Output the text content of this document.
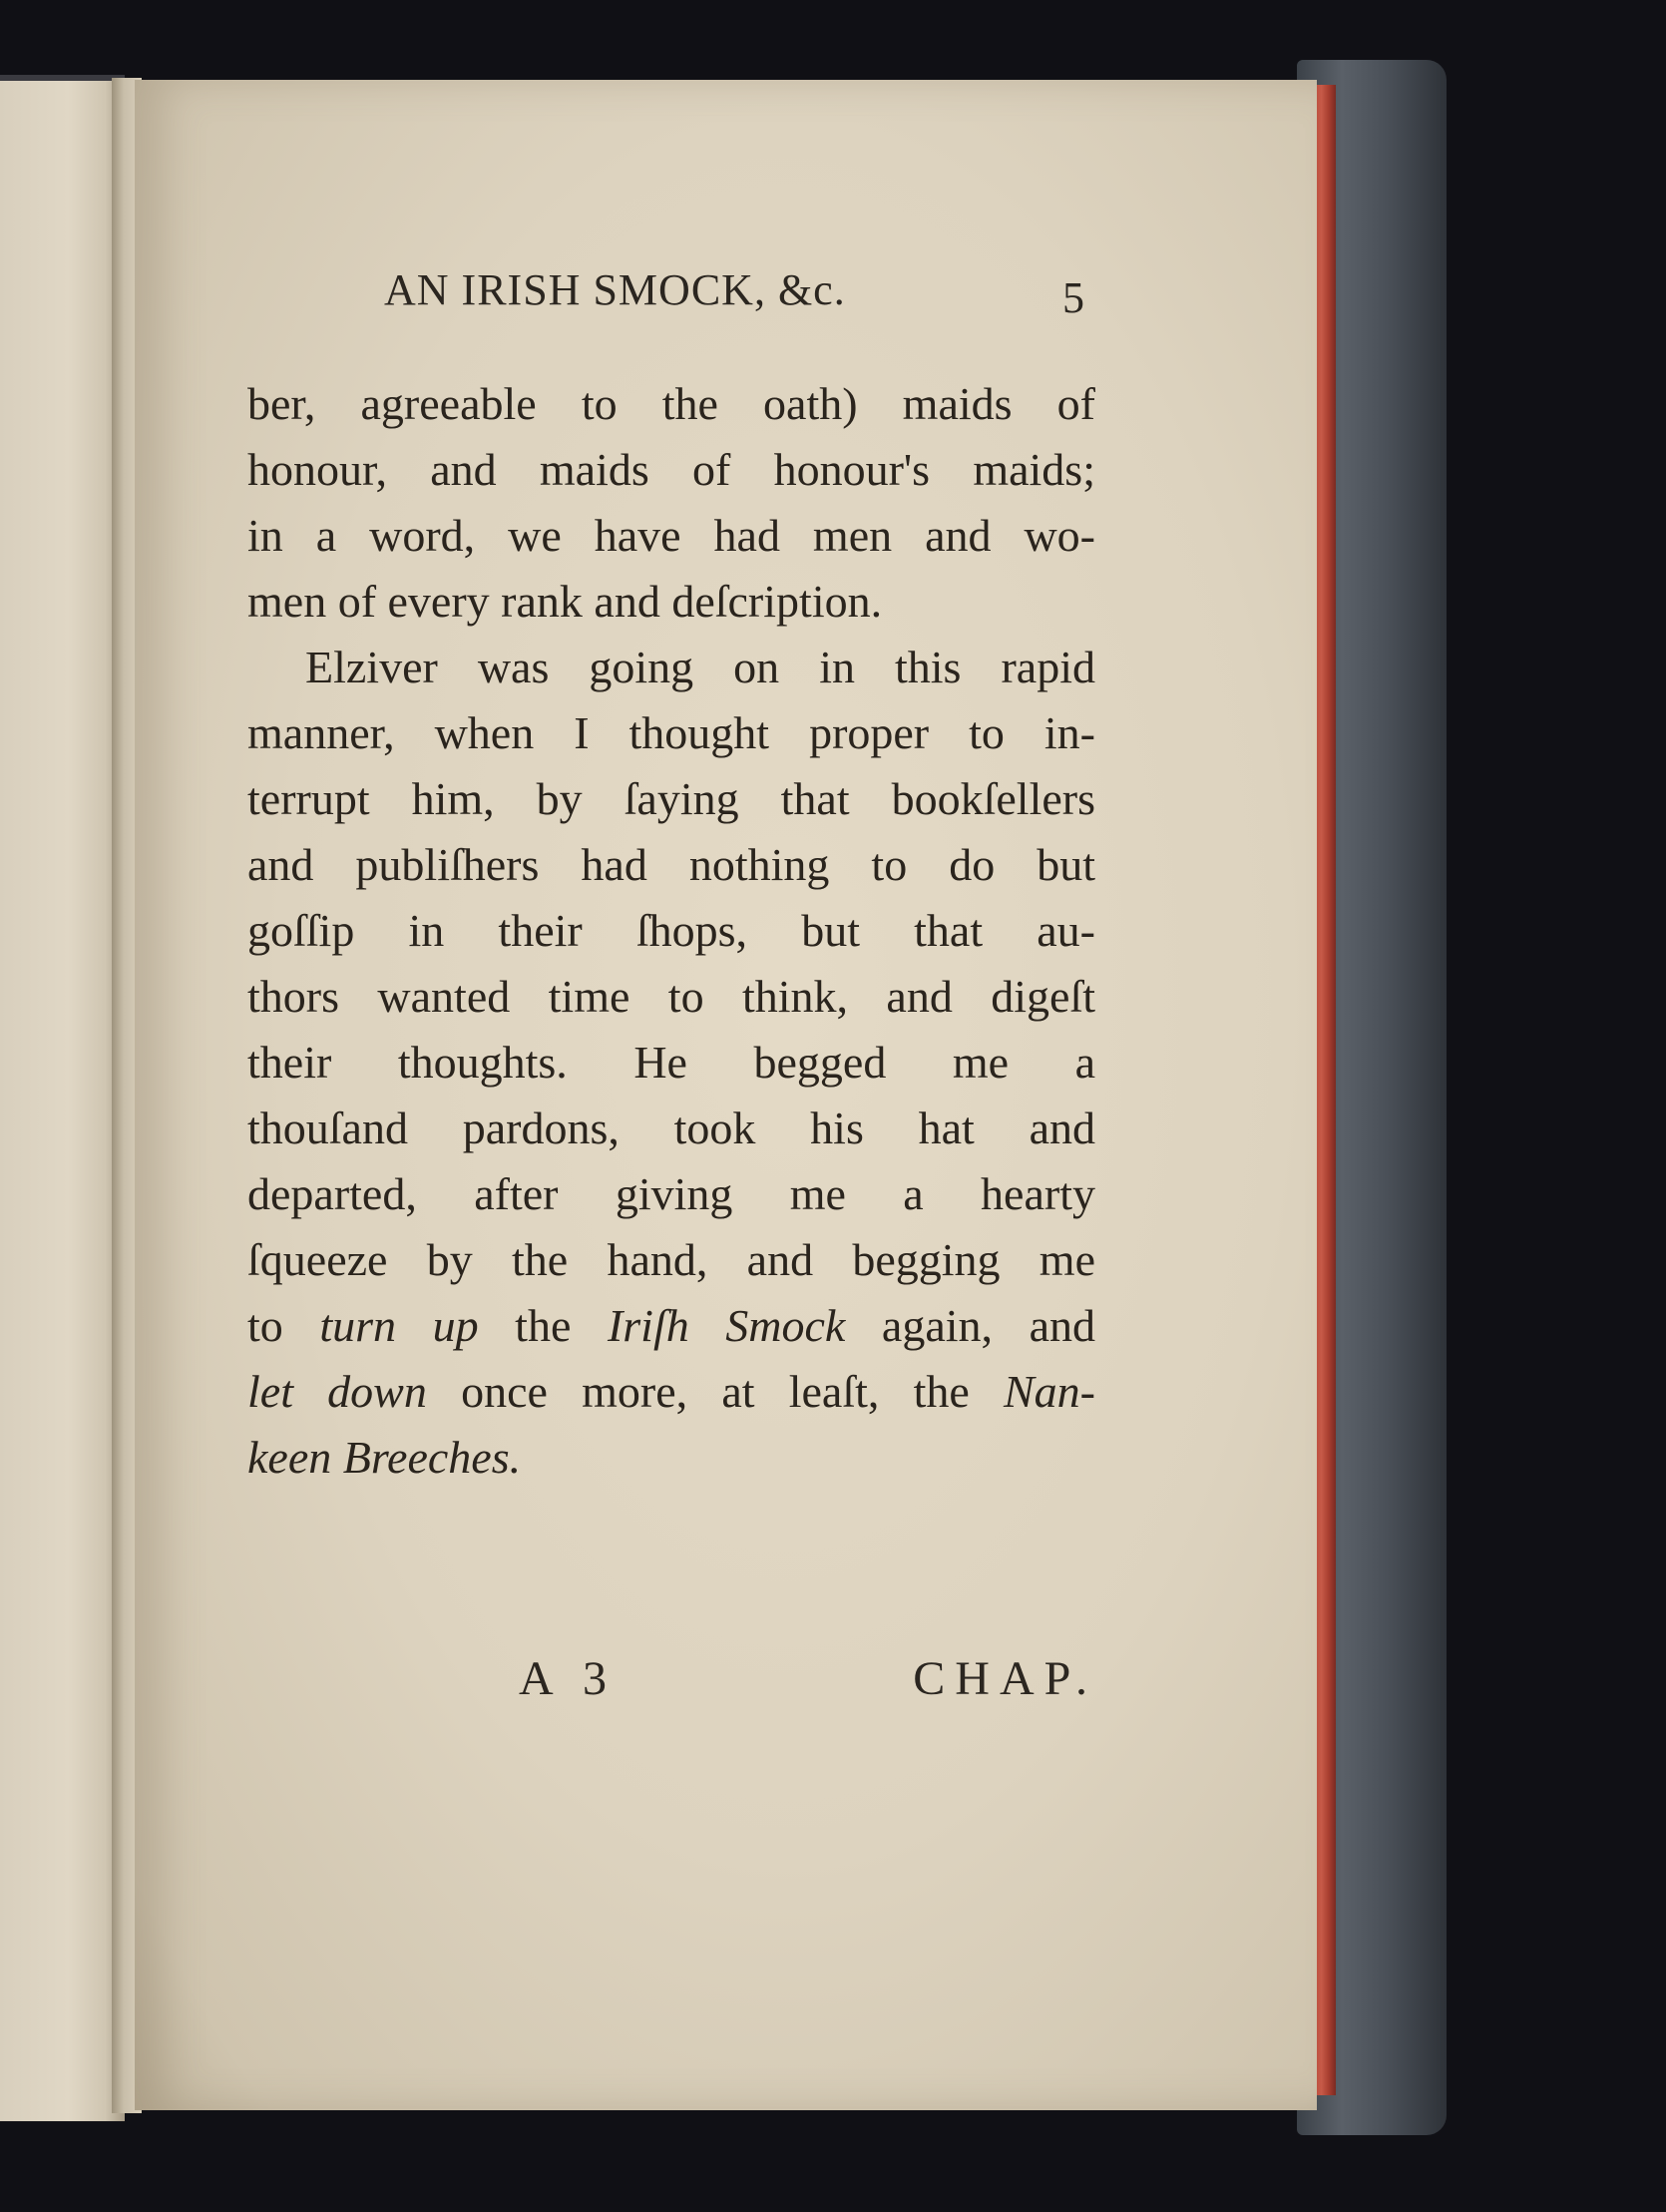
AN IRISH SMOCK, &c.	5
ber, agreeable to the oath) maids of
honour, and maids of honour's maids;
in a word, we have had men and wo-
men of every rank and deſcription.
Elziver was going on in this rapid
manner, when I thought proper to in-
terrupt him, by ſaying that bookſellers
and publiſhers had nothing to do but
goſſip in their ſhops, but that au-
thors wanted time to think, and digeſt
their thoughts. He begged me a
thouſand pardons, took his hat and
departed, after giving me a hearty
ſqueeze by the hand, and begging me
to turn up the Iriſh Smock again, and
let down once more, at leaſt, the Nan-
keen Breeches.
A 3	CHAP.
